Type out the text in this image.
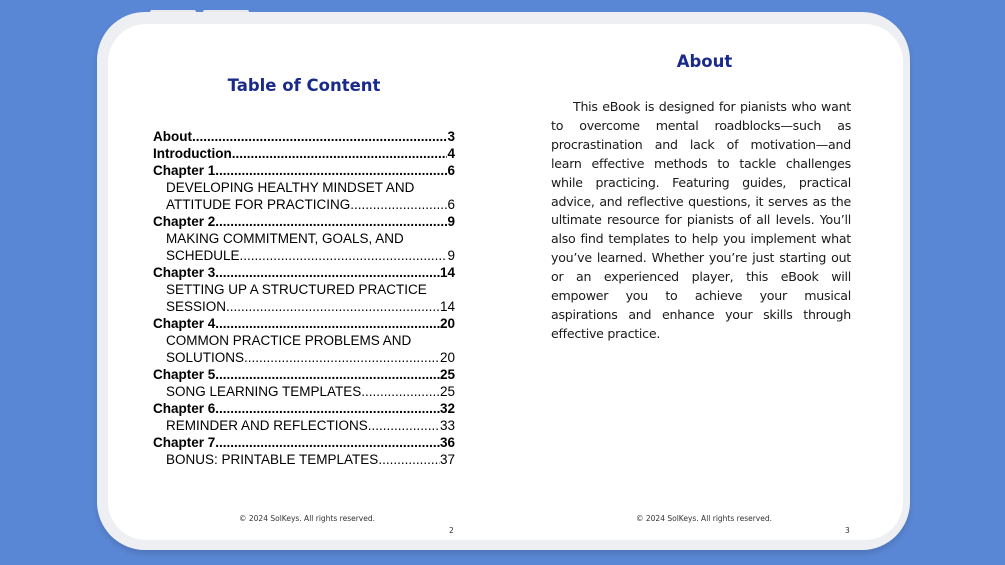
Table of Content
About .....	3
Introduction .....	4
Chapter 1 .....	6
DEVELOPING HEALTHY MINDSET AND
ATTITUDE FOR PRACTICING .....	6
Chapter 2 .....	9
MAKING COMMITMENT, GOALS, AND
SCHEDULE .....	9
Chapter 3 .....	14
SETTING UP A STRUCTURED PRACTICE
SESSION .....	14
Chapter 4 .....	20
COMMON PRACTICE PROBLEMS AND
SOLUTIONS .....	20
Chapter 5 .....	25
SONG LEARNING TEMPLATES .....	25
Chapter 6 .....	32
REMINDER AND REFLECTIONS .....	33
Chapter 7 .....	36
BONUS: PRINTABLE TEMPLATES .....	37
© 2024 SolKeys. All rights reserved.
2
About
This eBook is designed for pianists who want to overcome mental roadblocks—such as procrastination and lack of motivation—and learn effective methods to tackle challenges while practicing. Featuring guides, practical advice, and reflective questions, it serves as the ultimate resource for pianists of all levels. You’ll also find templates to help you implement what you’ve learned. Whether you’re just starting out or an experienced player, this eBook will empower you to achieve your musical aspirations and enhance your skills through effective practice.
© 2024 SolKeys. All rights reserved.
3
